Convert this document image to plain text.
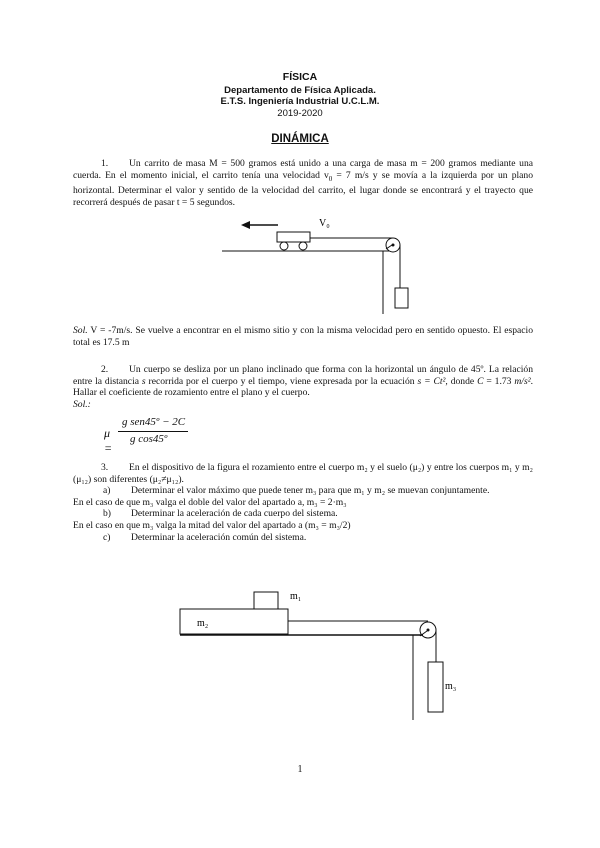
FÍSICA
Departamento de Física Aplicada.
E.T.S. Ingeniería Industrial U.C.L.M.
2019-2020
DINÁMICA

1. Un carrito de masa M = 500 gramos está unido a una carga de masa m = 200 gramos mediante una cuerda. En el momento inicial, el carrito tenía una velocidad $v_0 = 7$ m/s y se movía a la izquierda por un plano horizontal. Determinar el valor y sentido de la velocidad del carrito, el lugar donde se encontrará y el trayecto que recorrerá después de pasar t = 5 segundos.

V₀

Sol. V = -7m/s. Se vuelve a encontrar en el mismo sitio y con la misma velocidad pero en sentido opuesto. El espacio total es 17.5 m

2. Un cuerpo se desliza por un plano inclinado que forma con la horizontal un ángulo de 45º. La relación entre la distancia s recorrida por el cuerpo y el tiempo, viene expresada por la ecuación s = Ct², donde C = 1.73 m/s². Hallar el coeficiente de rozamiento entre el plano y el cuerpo.

Sol.:

μ =
g sen45º − 2C
g cos45º

3. En el dispositivo de la figura el rozamiento entre el cuerpo m₂ y el suelo (μ₂) y entre los cuerpos m₁ y m₂ (μ₁₂) son diferentes (μ₂≠μ₁₂).

a) Determinar el valor máximo que puede tener m₃ para que m₁ y m₂ se muevan conjuntamente.

En el caso de que m₃ valga el doble del valor del apartado a, m₃ = 2·m₃

b) Determinar la aceleración de cada cuerpo del sistema.

En el caso en que m₃ valga la mitad del valor del apartado a (m₃ = m₃/2)

c) Determinar la aceleración común del sistema.

m₁
m₂
m₃
1
